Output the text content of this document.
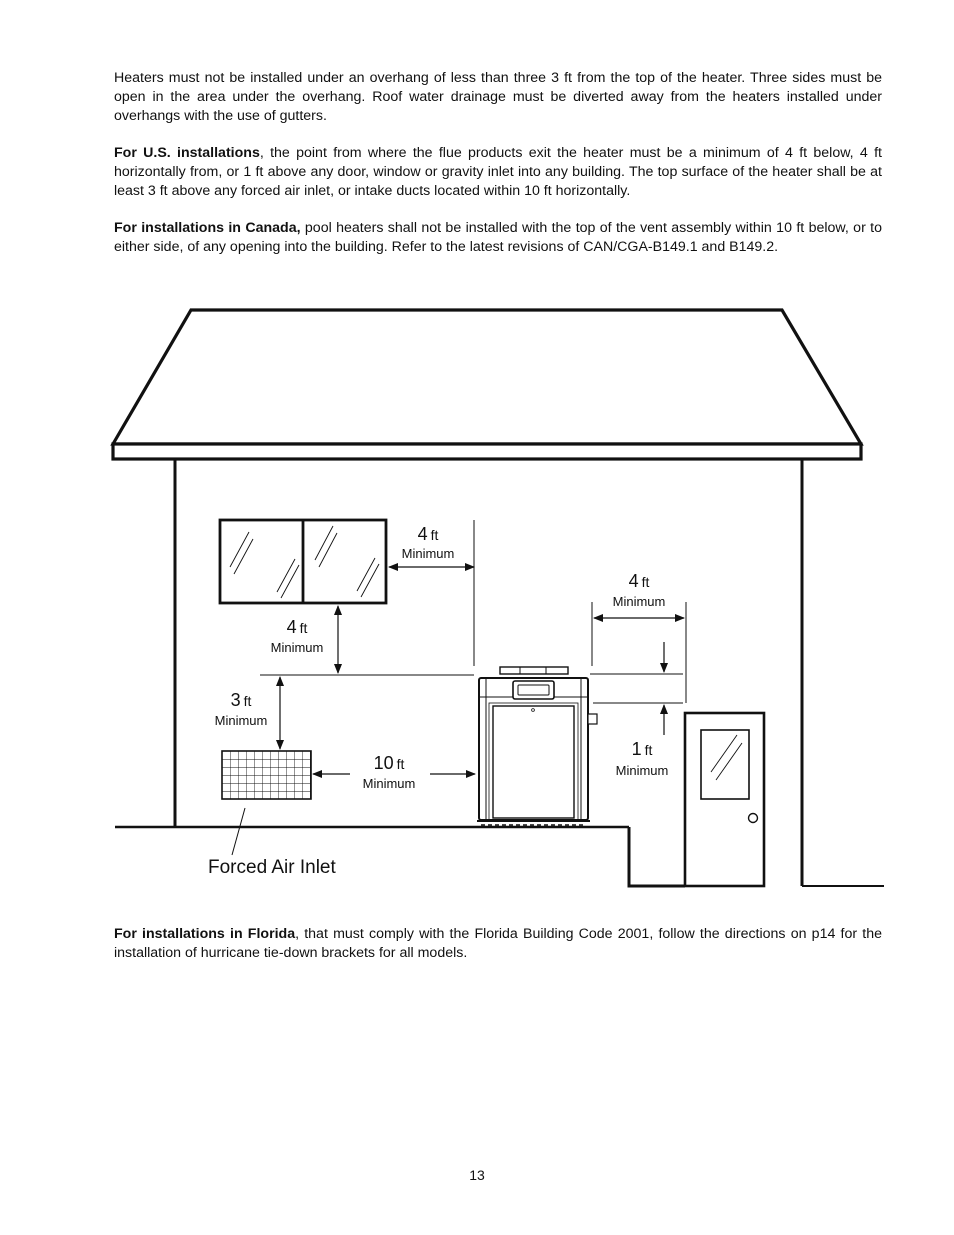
Heaters must not be installed under an overhang of less than three 3 ft from the top of the heater. Three sides must be open in the area under the overhang. Roof water drainage must be diverted away from the heaters installed under overhangs with the use of gutters.

For U.S. installations, the point from where the flue products exit the heater must be a minimum of 4 ft below, 4 ft horizontally from, or 1 ft above any door, window or gravity inlet into any building. The top surface of the heater shall be at least 3 ft above any forced air inlet, or intake ducts located within 10 ft horizontally.

For installations in Canada, pool heaters shall not be installed with the top of the vent assembly within 10 ft below, or to either side, of any opening into the building. Refer to the latest revisions of CAN/CGA-B149.1 and B149.2.

4 ft
Minimum
4 ft
Minimum
3 ft
Minimum
10 ft
Minimum
4 ft
Minimum
1 ft
Minimum
Forced Air Inlet

For installations in Florida, that must comply with the Florida Building Code 2001, follow the directions on p14 for the installation of hurricane tie-down brackets for all models.

13
